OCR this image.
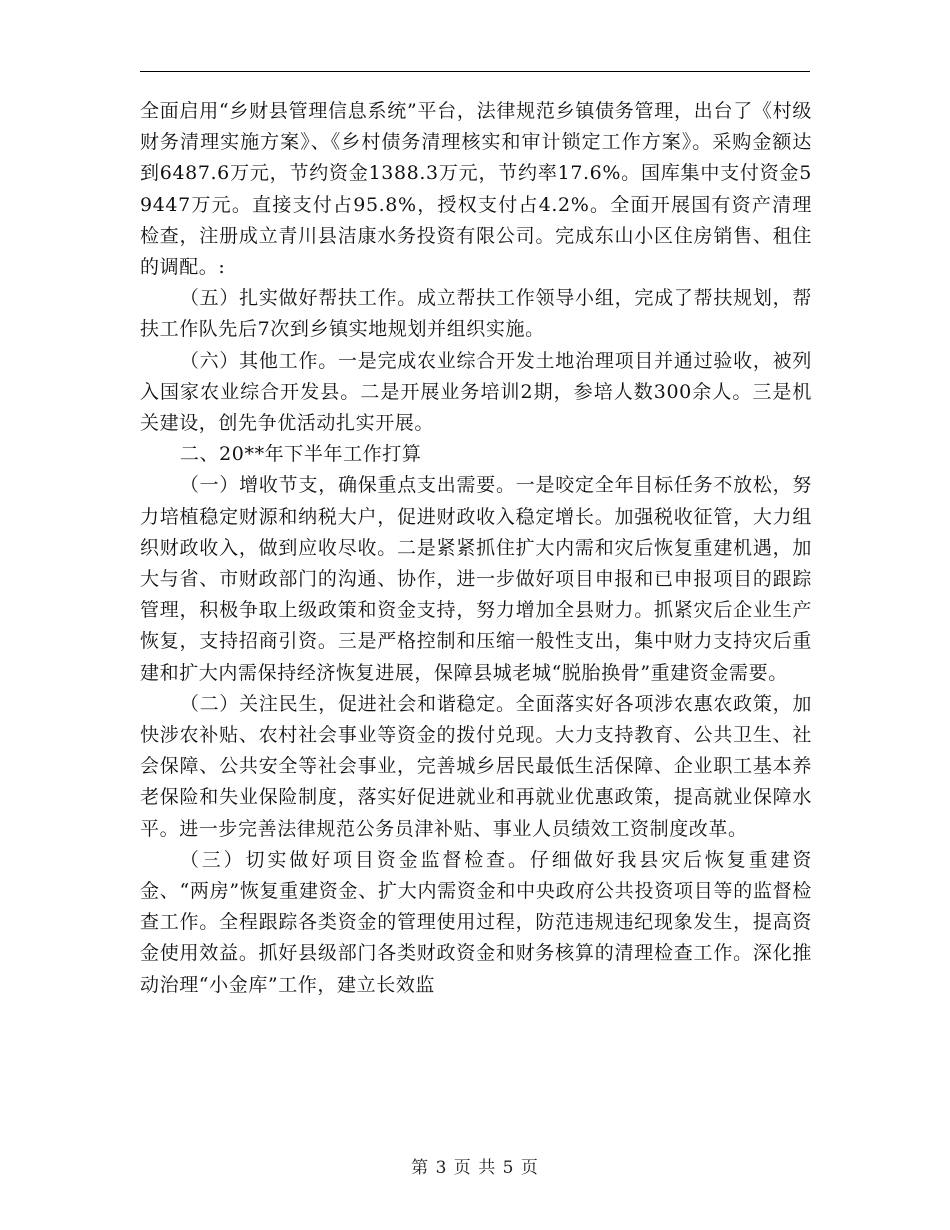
全面启用“乡财县管理信息系统”平台，法律规范乡镇债务管理，出台了《村级财务清理实施方案》、《乡村债务清理核实和审计锁定工作方案》。采购金额达到6487.6万元，节约资金1388.3万元，节约率17.6%。国库集中支付资金59447万元。直接支付占95.8%，授权支付占4.2%。全面开展国有资产清理检查，注册成立青川县洁康水务投资有限公司。完成东山小区住房销售、租住的调配。:

（五）扎实做好帮扶工作。成立帮扶工作领导小组，完成了帮扶规划，帮扶工作队先后7次到乡镇实地规划并组织实施。

（六）其他工作。一是完成农业综合开发土地治理项目并通过验收，被列入国家农业综合开发县。二是开展业务培训2期，参培人数300余人。三是机关建设，创先争优活动扎实开展。

二、20**年下半年工作打算

（一）增收节支，确保重点支出需要。一是咬定全年目标任务不放松，努力培植稳定财源和纳税大户，促进财政收入稳定增长。加强税收征管，大力组织财政收入，做到应收尽收。二是紧紧抓住扩大内需和灾后恢复重建机遇，加大与省、市财政部门的沟通、协作，进一步做好项目申报和已申报项目的跟踪管理，积极争取上级政策和资金支持，努力增加全县财力。抓紧灾后企业生产恢复，支持招商引资。三是严格控制和压缩一般性支出，集中财力支持灾后重建和扩大内需保持经济恢复进展，保障县城老城“脱胎换骨”重建资金需要。

（二）关注民生，促进社会和谐稳定。全面落实好各项涉农惠农政策，加快涉农补贴、农村社会事业等资金的拨付兑现。大力支持教育、公共卫生、社会保障、公共安全等社会事业，完善城乡居民最低生活保障、企业职工基本养老保险和失业保险制度，落实好促进就业和再就业优惠政策，提高就业保障水平。进一步完善法律规范公务员津补贴、事业人员绩效工资制度改革。

（三）切实做好项目资金监督检查。仔细做好我县灾后恢复重建资金、“两房”恢复重建资金、扩大内需资金和中央政府公共投资项目等的监督检查工作。全程跟踪各类资金的管理使用过程，防范违规违纪现象发生，提高资金使用效益。抓好县级部门各类财政资金和财务核算的清理检查工作。深化推动治理“小金库”工作，建立长效监

第 3 页 共 5 页
